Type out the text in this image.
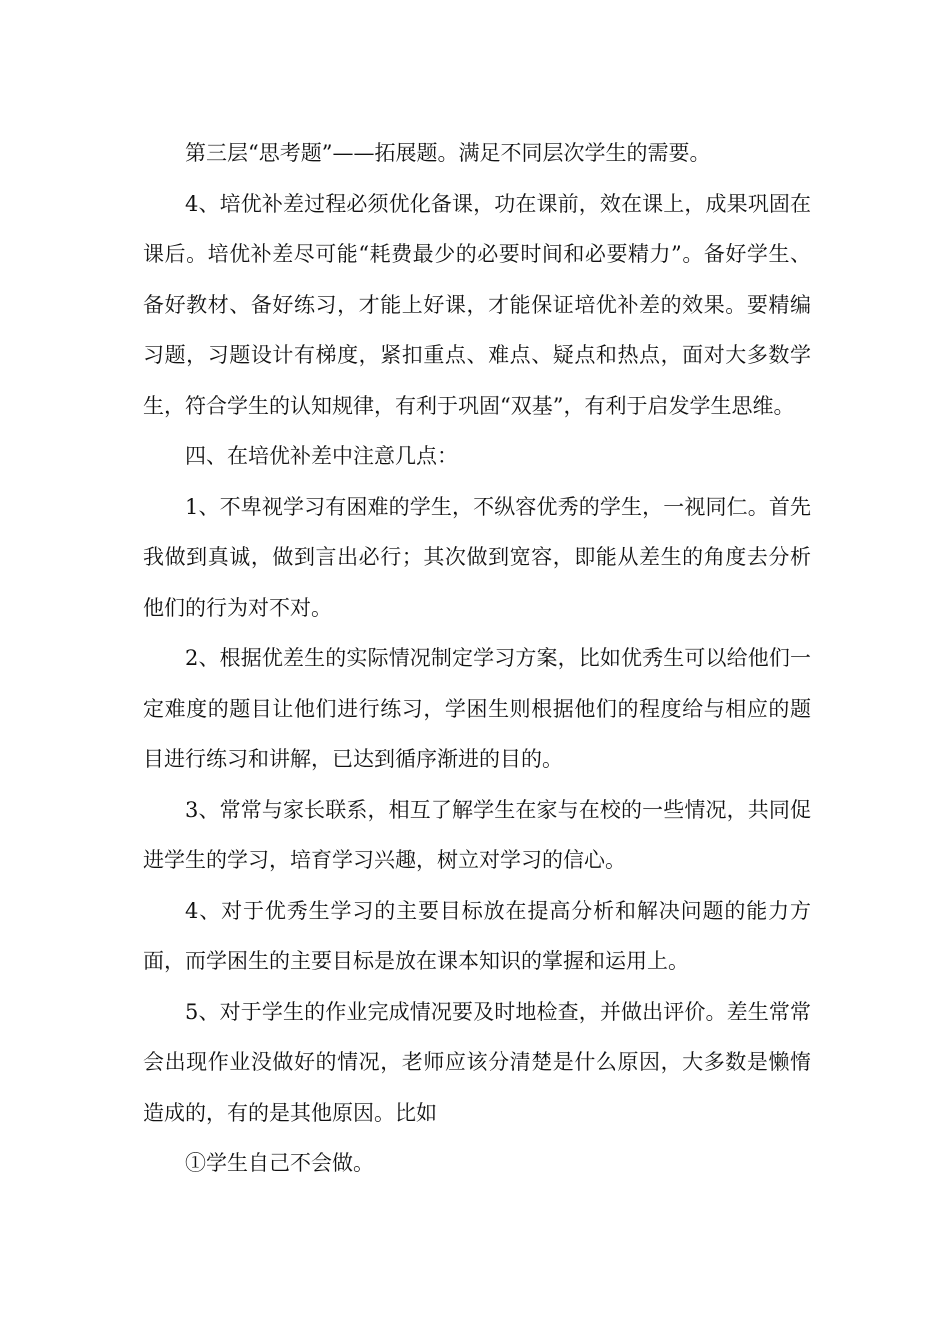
第三层“思考题”——拓展题。满足不同层次学生的需要。

4、培优补差过程必须优化备课，功在课前，效在课上，成果巩固在课后。培优补差尽可能“耗费最少的必要时间和必要精力”。备好学生、备好教材、备好练习，才能上好课，才能保证培优补差的效果。要精编习题，习题设计有梯度，紧扣重点、难点、疑点和热点，面对大多数学生，符合学生的认知规律，有利于巩固“双基”，有利于启发学生思维。

四、在培优补差中注意几点：

1、不卑视学习有困难的学生，不纵容优秀的学生，一视同仁。首先我做到真诚，做到言出必行；其次做到宽容，即能从差生的角度去分析他们的行为对不对。

2、根据优差生的实际情况制定学习方案，比如优秀生可以给他们一定难度的题目让他们进行练习，学困生则根据他们的程度给与相应的题目进行练习和讲解，已达到循序渐进的目的。

3、常常与家长联系，相互了解学生在家与在校的一些情况，共同促进学生的学习，培育学习兴趣，树立对学习的信心。

4、对于优秀生学习的主要目标放在提高分析和解决问题的能力方面，而学困生的主要目标是放在课本知识的掌握和运用上。

5、对于学生的作业完成情况要及时地检查，并做出评价。差生常常会出现作业没做好的情况，老师应该分清楚是什么原因，大多数是懒惰造成的，有的是其他原因。比如

①学生自己不会做。
